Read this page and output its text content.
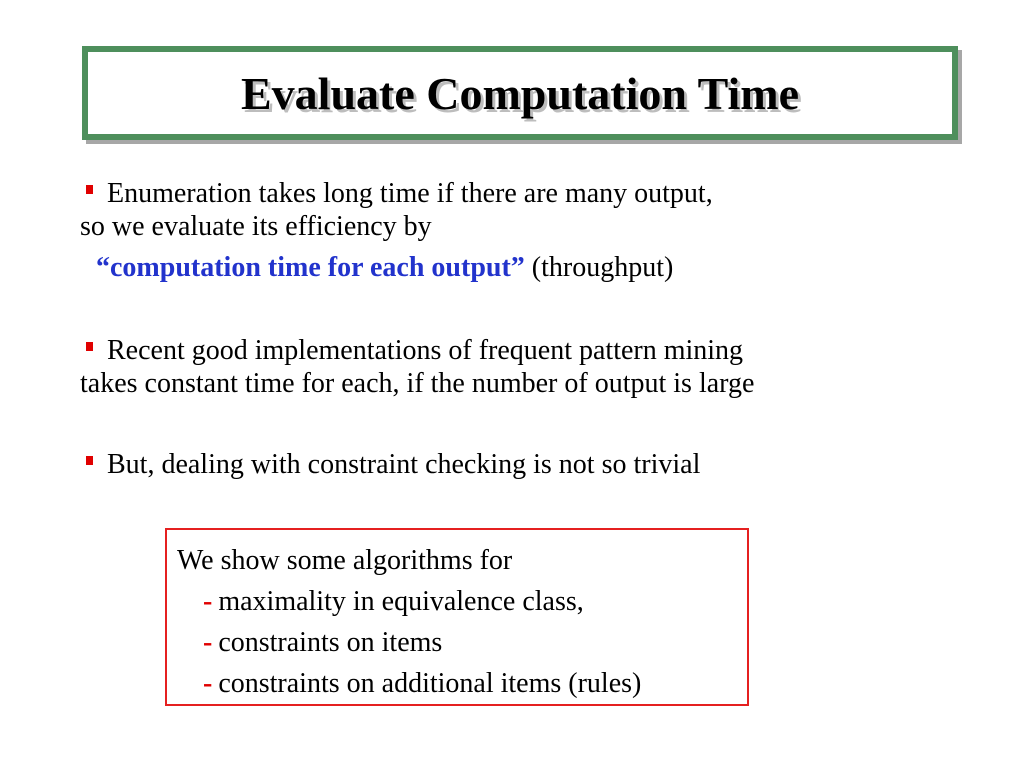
Evaluate Computation Time
Enumeration takes long time if there are many output,
so we evaluate its efficiency by
“computation time for each output” (throughput)
Recent good implementations of frequent pattern mining
takes constant time for each, if the number of output is large
But, dealing with constraint checking is not so trivial
We show some algorithms for
- maximality in equivalence class,
- constraints on items
- constraints on additional items (rules)
